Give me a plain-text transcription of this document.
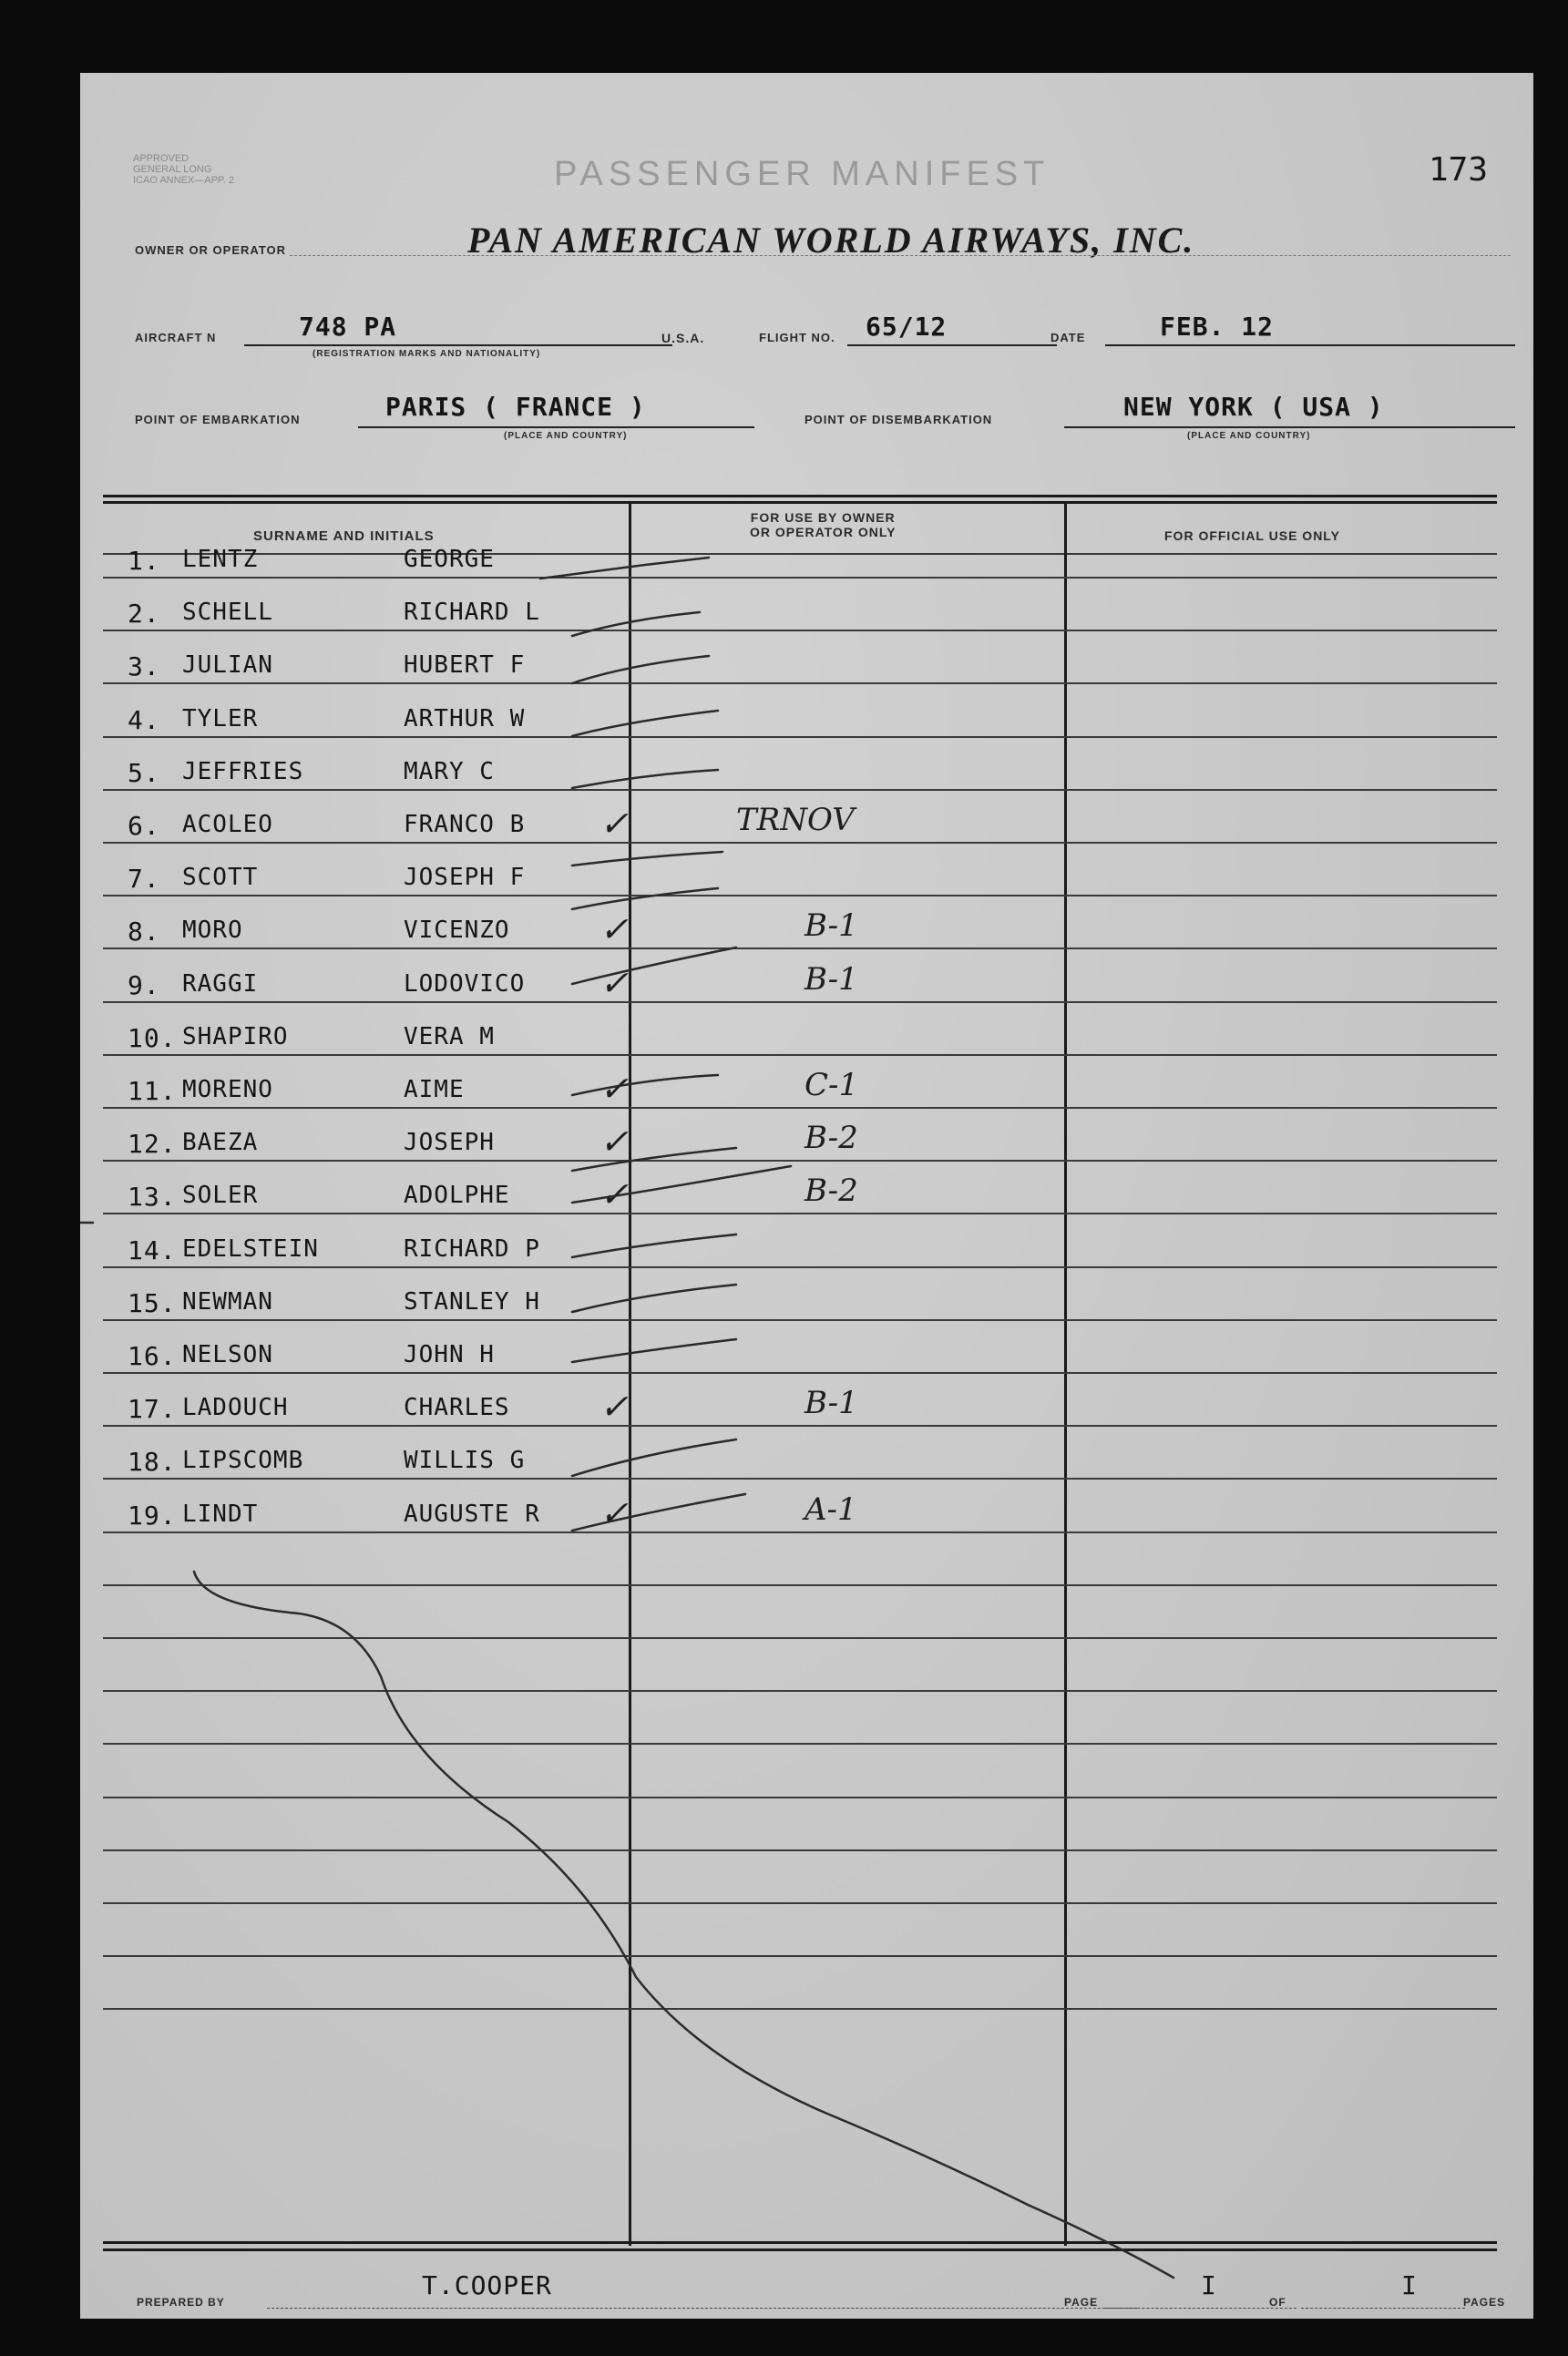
APPROVED
GENERAL LONG
ICAO ANNEX—APP. 2	PASSENGER MANIFEST	173
OWNER OR OPERATOR	PAN AMERICAN WORLD AIRWAYS, INC.
AIRCRAFT N	748 PA
(REGISTRATION MARKS AND NATIONALITY)
U.S.A.	FLIGHT NO. 65/12	DATE	FEB. 12
POINT OF EMBARKATION	PARIS ( FRANCE )
(PLACE AND COUNTRY)
POINT OF DISEMBARKATION	NEW YORK ( USA )
(PLACE AND COUNTRY)
SURNAME AND INITIALS
FOR USE BY OWNER
OR OPERATOR ONLY	FOR OFFICIAL USE ONLY
1. LENTZ	GEORGE
2. SCHELL	RICHARD L
3. JULIAN	HUBERT F
4. TYLER	ARTHUR W
5. JEFFRIES	MARY C
6. ACOLEO	FRANCO B ✓	TRNOV
7. SCOTT	JOSEPH F
8. MORO	VICENZO	✓	B-1
9. RAGGI	LODOVICO ✓	B-1
10. SHAPIRO	VERA M
11. MORENO	AIME	✓	C-1
12. BAEZA	JOSEPH	✓	B-2
13. SOLER	ADOLPHE	✓	B-2
14. EDELSTEIN	RICHARD P
15. NEWMAN	STANLEY H
16. NELSON	JOHN H
17. LADOUCH	CHARLES	✓	B-1
18. LIPSCOMB	WILLIS G
19. LINDT	AUGUSTE R ✓	A-1
PREPARED BY
T.COOPER
PAGE
I
OF
I
PAGES
